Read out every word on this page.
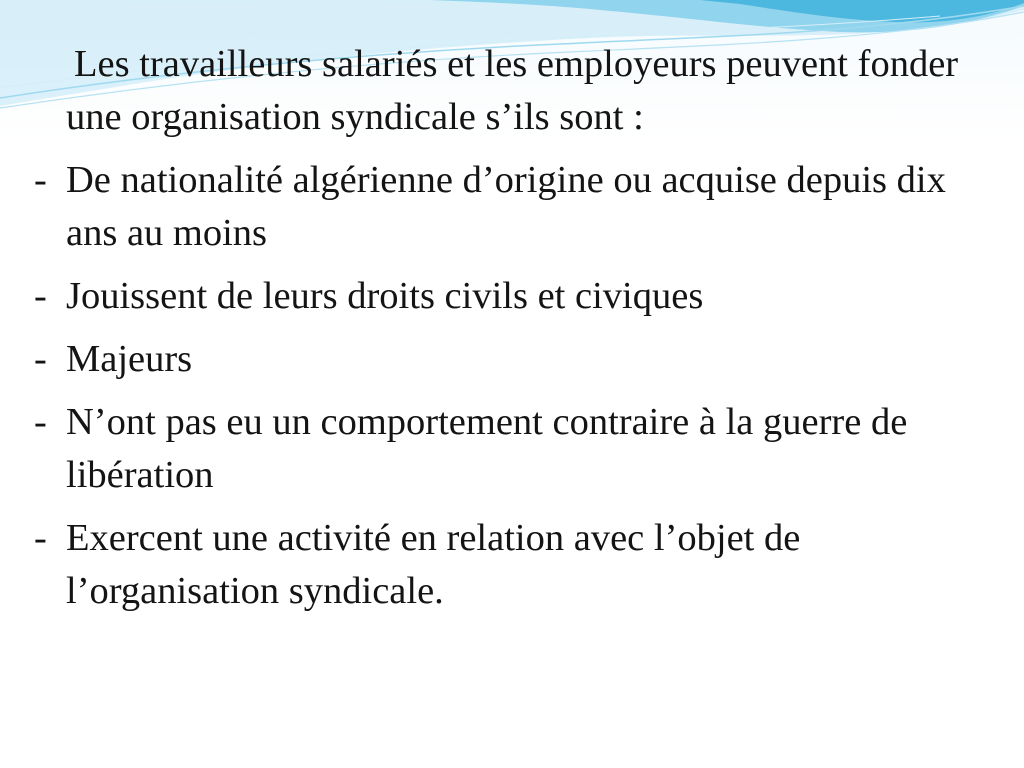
Les travailleurs salariés et les employeurs peuvent fonder une organisation syndicale s’ils sont :

- De nationalité algérienne d’origine ou acquise depuis dix ans au moins

- Jouissent de leurs droits civils et civiques

- Majeurs

- N’ont pas eu un comportement contraire à la guerre de libération

- Exercent une activité en relation avec l’objet de l’organisation syndicale.
